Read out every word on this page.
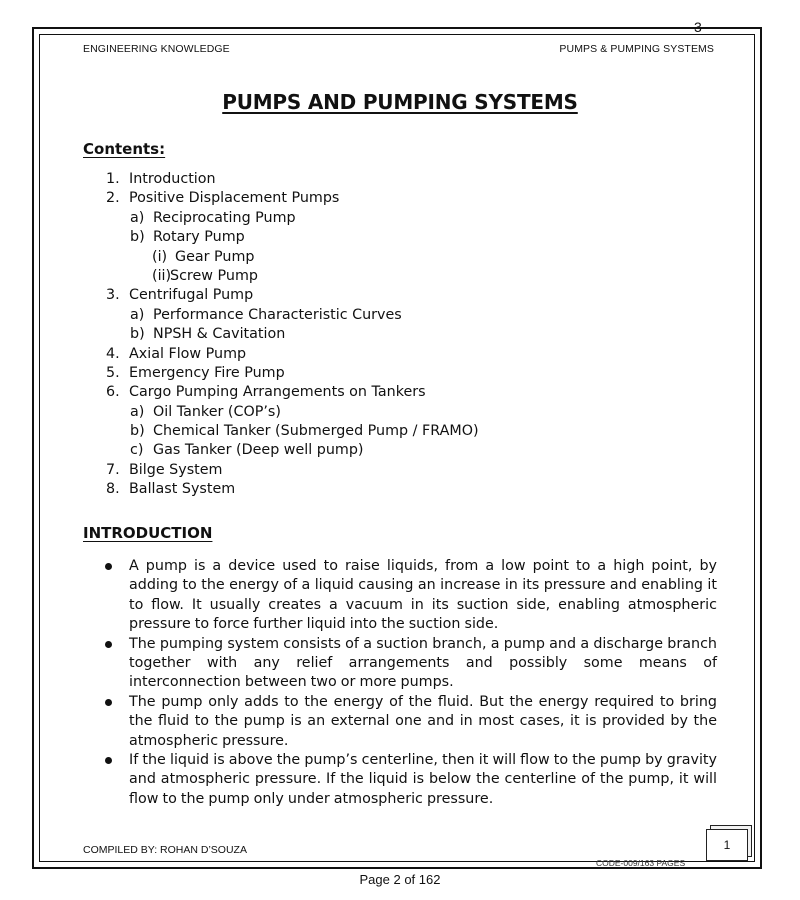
3
ENGINEERING KNOWLEDGE	PUMPS & PUMPING SYSTEMS
PUMPS AND PUMPING SYSTEMS
Contents:
1. Introduction
2. Positive Displacement Pumps
a) Reciprocating Pump
b) Rotary Pump
(i) Gear Pump
(ii)
Screw Pump
3. Centrifugal Pump
a) Performance Characteristic Curves
b) NPSH & Cavitation
4. Axial Flow Pump
5. Emergency Fire Pump
6. Cargo Pumping Arrangements on Tankers
a) Oil Tanker (COP’s)
b) Chemical Tanker (Submerged Pump / FRAMO)
c) Gas Tanker (Deep well pump)
7. Bilge System
8. Ballast System
INTRODUCTION
A pump is a device used to raise liquids, from a low point to a high point, by adding to the energy of a liquid causing an increase in its pressure and enabling it to flow. It usually creates a vacuum in its suction side, enabling atmospheric pressure to force further liquid into the suction side.
The pumping system consists of a suction branch, a pump and a discharge branch together with any relief arrangements and possibly some means of interconnection between two or more pumps.
The pump only adds to the energy of the fluid. But the energy required to bring the fluid to the pump is an external one and in most cases, it is provided by the atmospheric pressure.
If the liquid is above the pump’s centerline, then it will flow to the pump by gravity and atmospheric pressure. If the liquid is below the centerline of the pump, it will flow to the pump only under atmospheric pressure.
COMPILED BY: ROHAN D’SOUZA	1
CODE-009/163 PAGES
Page 2 of 162
